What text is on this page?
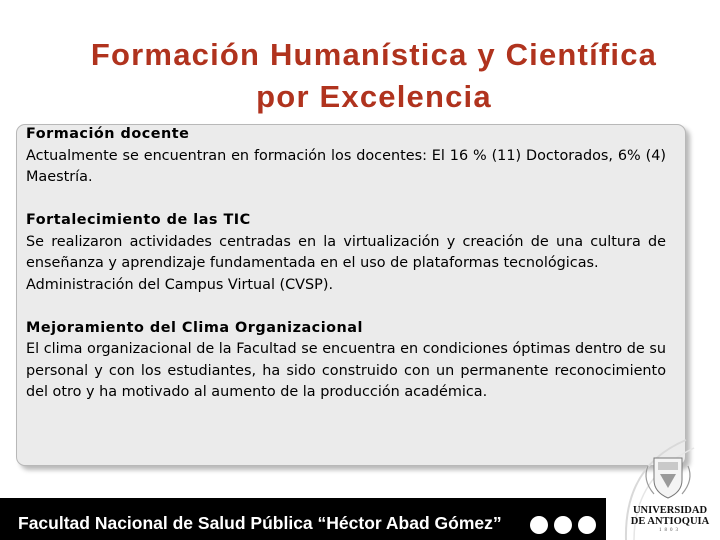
Formación Humanística y Científica
por Excelencia
Formación docente
Actualmente se encuentran en formación los docentes: El 16 % (11) Doctorados, 6% (4) Maestría.
Fortalecimiento de las TIC
Se realizaron actividades centradas en la virtualización y creación de una cultura de enseñanza y aprendizaje fundamentada en el uso de plataformas tecnológicas.
Administración del Campus Virtual (CVSP).
Mejoramiento del Clima Organizacional
El clima organizacional de la Facultad se encuentra en condiciones óptimas dentro de su personal y con los estudiantes, ha sido construido con un permanente reconocimiento del otro y ha motivado al aumento de la producción académica.
Facultad Nacional de Salud Pública “Héctor Abad Gómez”
UNIVERSIDAD
DE ANTIOQUIA
1803
